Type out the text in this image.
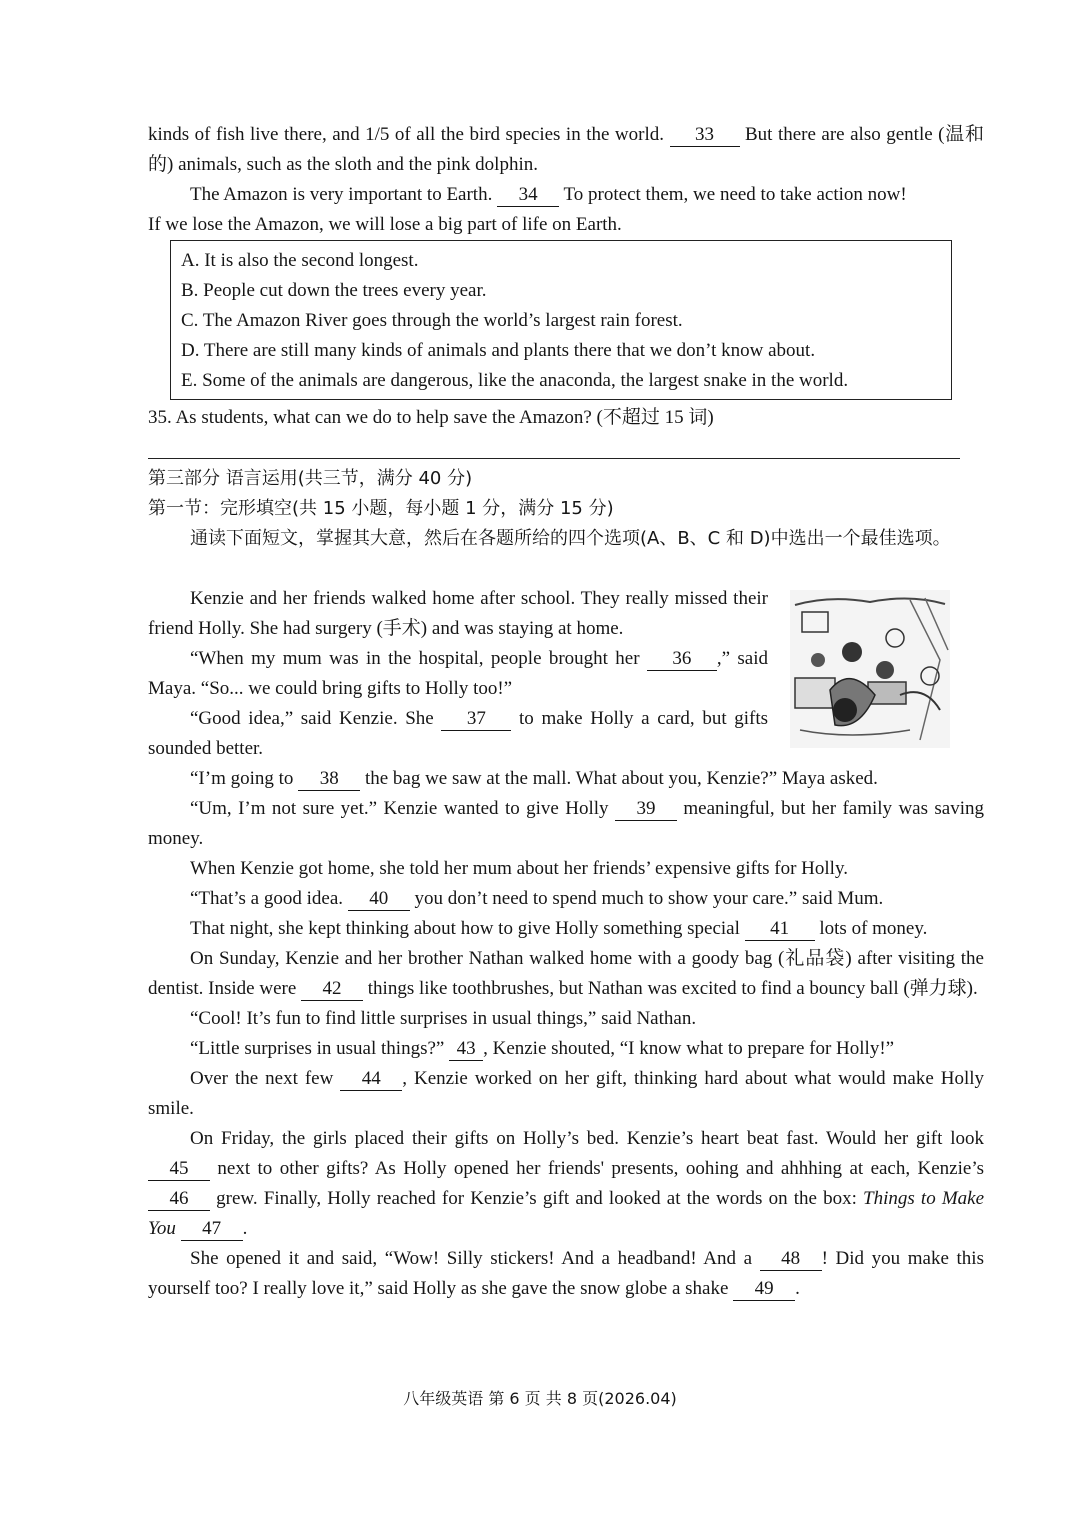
kinds of fish live there, and 1/5 of all the bird species in the world. 33 But there are also gentle (温和的) animals, such as the sloth and the pink dolphin.

The Amazon is very important to Earth. 34 To protect them, we need to take action now!

If we lose the Amazon, we will lose a big part of life on Earth.

A. It is also the second longest.

B. People cut down the trees every year.

C. The Amazon River goes through the world’s largest rain forest.

D. There are still many kinds of animals and plants there that we don’t know about.

E. Some of the animals are dangerous, like the anaconda, the largest snake in the world.

35. As students, what can we do to help save the Amazon? (不超过 15 词)

第三部分 语言运用(共三节，满分 40 分)

第一节：完形填空(共 15 小题，每小题 1 分，满分 15 分)

通读下面短文，掌握其大意，然后在各题所给的四个选项(A、B、C 和 D)中选出一个最佳选项。

Kenzie and her friends walked home after school. They really missed their friend Holly. She had surgery (手术) and was staying at home.

“When my mum was in the hospital, people brought her 36 ,” said Maya. “So... we could bring gifts to Holly too!”

“Good idea,” said Kenzie. She 37 to make Holly a card, but gifts sounded better.

“I’m going to 38 the bag we saw at the mall. What about you, Kenzie?” Maya asked.

“Um, I’m not sure yet.” Kenzie wanted to give Holly 39 meaningful, but her family was saving money.

When Kenzie got home, she told her mum about her friends’ expensive gifts for Holly.

“That’s a good idea. 40 you don’t need to spend much to show your care.” said Mum.

That night, she kept thinking about how to give Holly something special 41 lots of money.

On Sunday, Kenzie and her brother Nathan walked home with a goody bag (礼品袋) after visiting the dentist. Inside were 42 things like toothbrushes, but Nathan was excited to find a bouncy ball (弹力球).

“Cool! It’s fun to find little surprises in usual things,” said Nathan.

“Little surprises in usual things?” 43 , Kenzie shouted, “I know what to prepare for Holly!”

Over the next few 44 , Kenzie worked on her gift, thinking hard about what would make Holly smile.

On Friday, the girls placed their gifts on Holly’s bed. Kenzie’s heart beat fast. Would her gift look 45 next to other gifts? As Holly opened her friends' presents, oohing and ahhhing at each, Kenzie’s 46 grew. Finally, Holly reached for Kenzie’s gift and looked at the words on the box: Things to Make You 47 .

She opened it and said, “Wow! Silly stickers! And a headband! And a 48 ! Did you make this yourself too? I really love it,” said Holly as she gave the snow globe a shake 49 .

八年级英语 第 6 页 共 8 页(2026.04)
